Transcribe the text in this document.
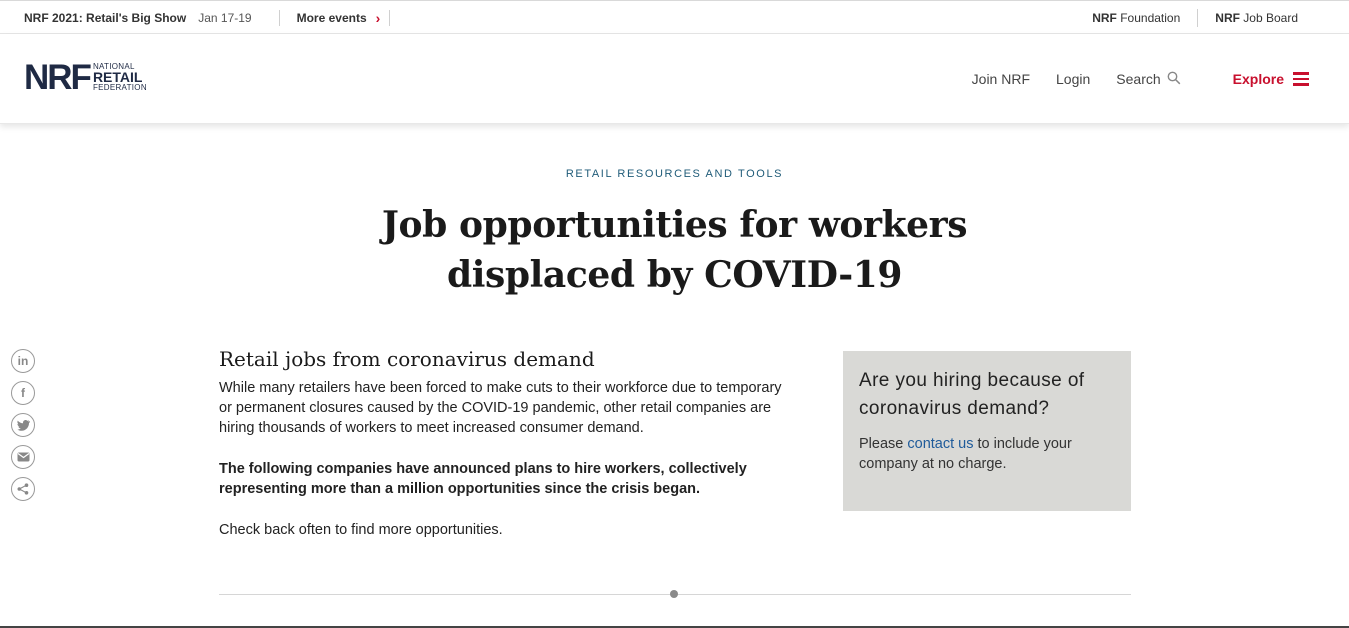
NRF 2021: Retail's Big Show Jan 17-19	More events ›	NRF Foundation	NRF Job Board
NRF NATIONAL
RETAIL
FEDERATION
Join NRF Login Search	Explore
RETAIL RESOURCES AND TOOLS
Job opportunities for workers
displaced by COVID-19
in
f
Retail jobs from coronavirus demand

While many retailers have been forced to make cuts to their workforce due to temporary or permanent closures caused by the COVID-19 pandemic, other retail companies are hiring thousands of workers to meet increased consumer demand.

The following companies have announced plans to hire workers, collectively representing more than a million opportunities since the crisis began.

Check back often to find more opportunities.

Are you hiring because of coronavirus demand?

Please contact us to include your company at no charge.
